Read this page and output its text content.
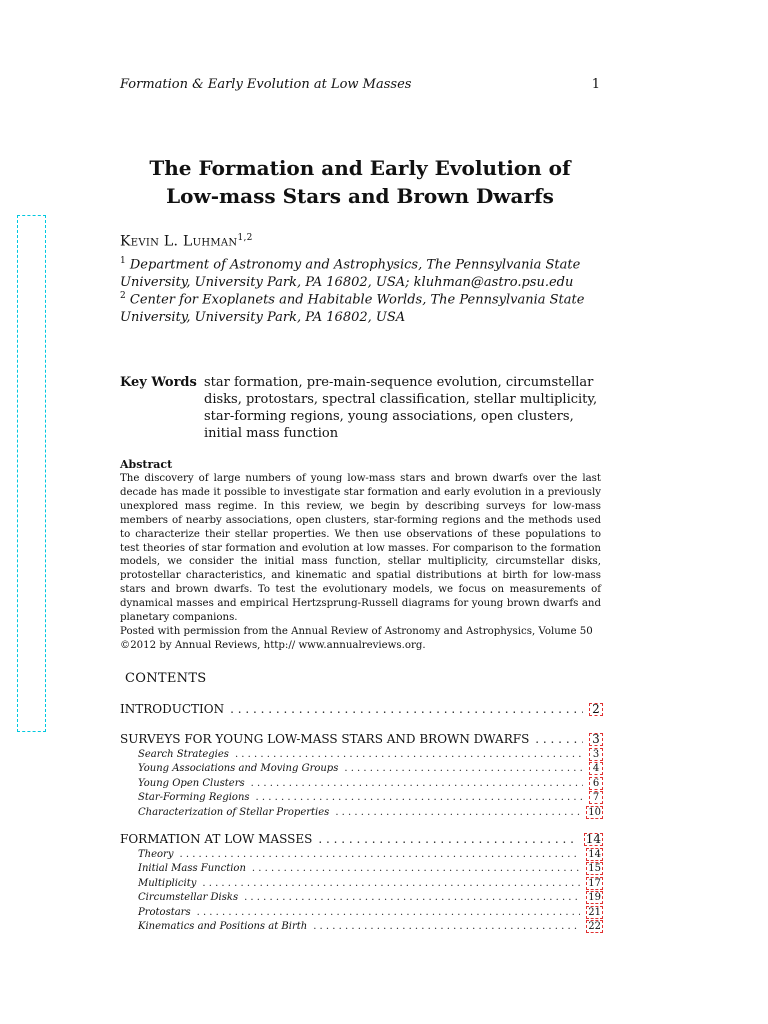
Formation & Early Evolution at Low Masses	1
The Formation and Early Evolution of
Low-mass Stars and Brown Dwarfs
Kevin L. Luhman$^{1,2}$
$^1$ Department of Astronomy and Astrophysics, The Pennsylvania State University, University Park, PA 16802, USA; kluhman@astro.psu.edu
$^2$ Center for Exoplanets and Habitable Worlds, The Pennsylvania State University, University Park, PA 16802, USA
Key Words star formation, pre-main-sequence evolution, circumstellar disks, protostars, spectral classification, stellar multiplicity, star-forming regions, young associations, open clusters, initial mass function
Abstract

The discovery of large numbers of young low-mass stars and brown dwarfs over the last decade has made it possible to investigate star formation and early evolution in a previously unexplored mass regime. In this review, we begin by describing surveys for low-mass members of nearby associations, open clusters, star-forming regions and the methods used to characterize their stellar properties. We then use observations of these populations to test theories of star formation and evolution at low masses. For comparison to the formation models, we consider the initial mass function, stellar multiplicity, circumstellar disks, protostellar characteristics, and kinematic and spatial distributions at birth for low-mass stars and brown dwarfs. To test the evolutionary models, we focus on measurements of dynamical masses and empirical Hertzsprung-Russell diagrams for young brown dwarfs and planetary companions.

Posted with permission from the Annual Review of Astronomy and Astrophysics, Volume 50

©2012 by Annual Reviews, http:// www.annualreviews.org.

CONTENTS
INTRODUCTION . . .	2
SURVEYS FOR YOUNG LOW-MASS STARS AND BROWN DWARFS . . .	3
Search Strategies . . .	3
Young Associations and Moving Groups . . .	4
Young Open Clusters . . .	6
Star-Forming Regions . . .	7
Characterization of Stellar Properties . . .	10
FORMATION AT LOW MASSES . . .	14
Theory . . .	14
Initial Mass Function . . .	15
Multiplicity . . .	17
Circumstellar Disks . . .	19
Protostars . . .	21
Kinematics and Positions at Birth . . .	22
